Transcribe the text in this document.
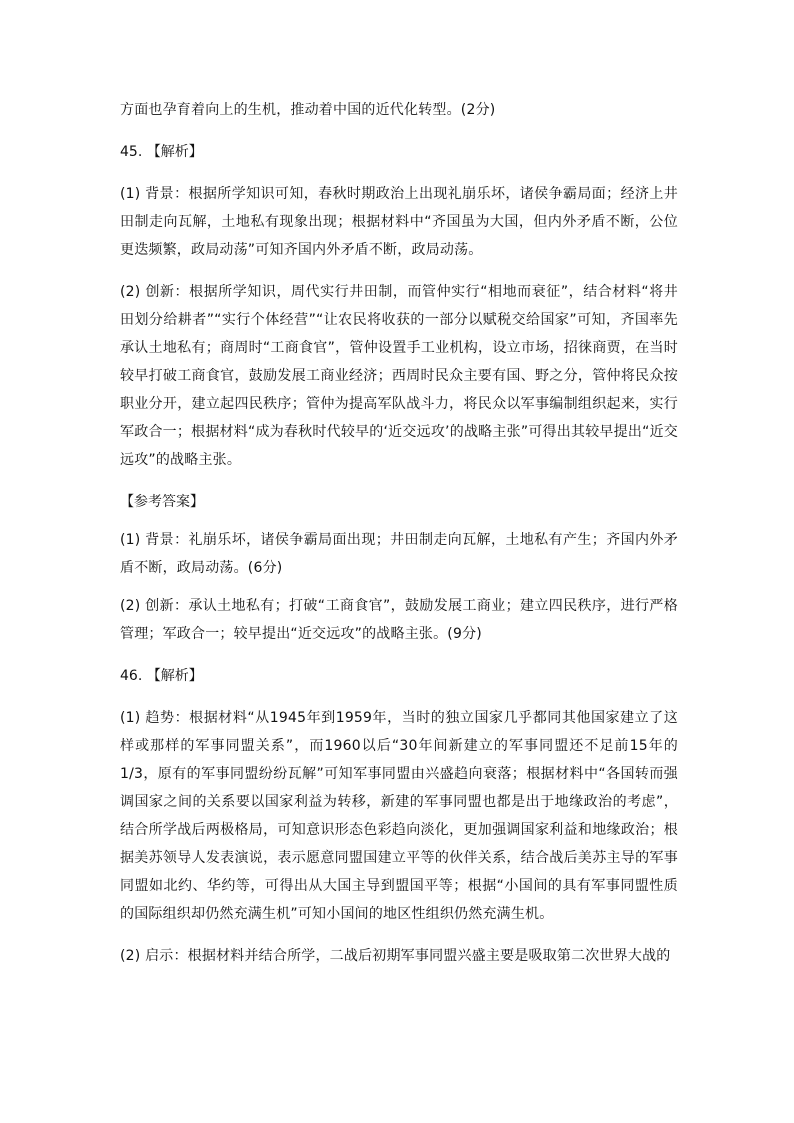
方面也孕育着向上的生机，推动着中国的近代化转型。(2分)

45. 【解析】

(1) 背景：根据所学知识可知，春秋时期政治上出现礼崩乐坏，诸侯争霸局面；经济上井田制走向瓦解，土地私有现象出现；根据材料中“齐国虽为大国，但内外矛盾不断，公位更迭频繁，政局动荡”可知齐国内外矛盾不断，政局动荡。

(2) 创新：根据所学知识，周代实行井田制，而管仲实行“相地而衰征”，结合材料“将井田划分给耕者”“实行个体经营”“让农民将收获的一部分以赋税交给国家”可知，齐国率先承认土地私有；商周时“工商食官”，管仲设置手工业机构，设立市场，招徕商贾，在当时较早打破工商食官，鼓励发展工商业经济；西周时民众主要有国、野之分，管仲将民众按职业分开，建立起四民秩序；管仲为提高军队战斗力，将民众以军事编制组织起来，实行军政合一；根据材料“成为春秋时代较早的‘近交远攻’的战略主张”可得出其较早提出“近交远攻”的战略主张。

【参考答案】

(1) 背景：礼崩乐坏，诸侯争霸局面出现；井田制走向瓦解，土地私有产生；齐国内外矛盾不断，政局动荡。(6分)

(2) 创新：承认土地私有；打破“工商食官”，鼓励发展工商业；建立四民秩序，进行严格管理；军政合一；较早提出“近交远攻”的战略主张。(9分)

46. 【解析】

(1) 趋势：根据材料“从1945年到1959年，当时的独立国家几乎都同其他国家建立了这样或那样的军事同盟关系”，而1960以后“30年间新建立的军事同盟还不足前15年的1/3，原有的军事同盟纷纷瓦解”可知军事同盟由兴盛趋向衰落；根据材料中“各国转而强调国家之间的关系要以国家利益为转移，新建的军事同盟也都是出于地缘政治的考虑”，结合所学战后两极格局，可知意识形态色彩趋向淡化，更加强调国家利益和地缘政治；根据美苏领导人发表演说，表示愿意同盟国建立平等的伙伴关系，结合战后美苏主导的军事同盟如北约、华约等，可得出从大国主导到盟国平等；根据“小国间的具有军事同盟性质的国际组织却仍然充满生机”可知小国间的地区性组织仍然充满生机。

(2) 启示：根据材料并结合所学，二战后初期军事同盟兴盛主要是吸取第二次世界大战的
